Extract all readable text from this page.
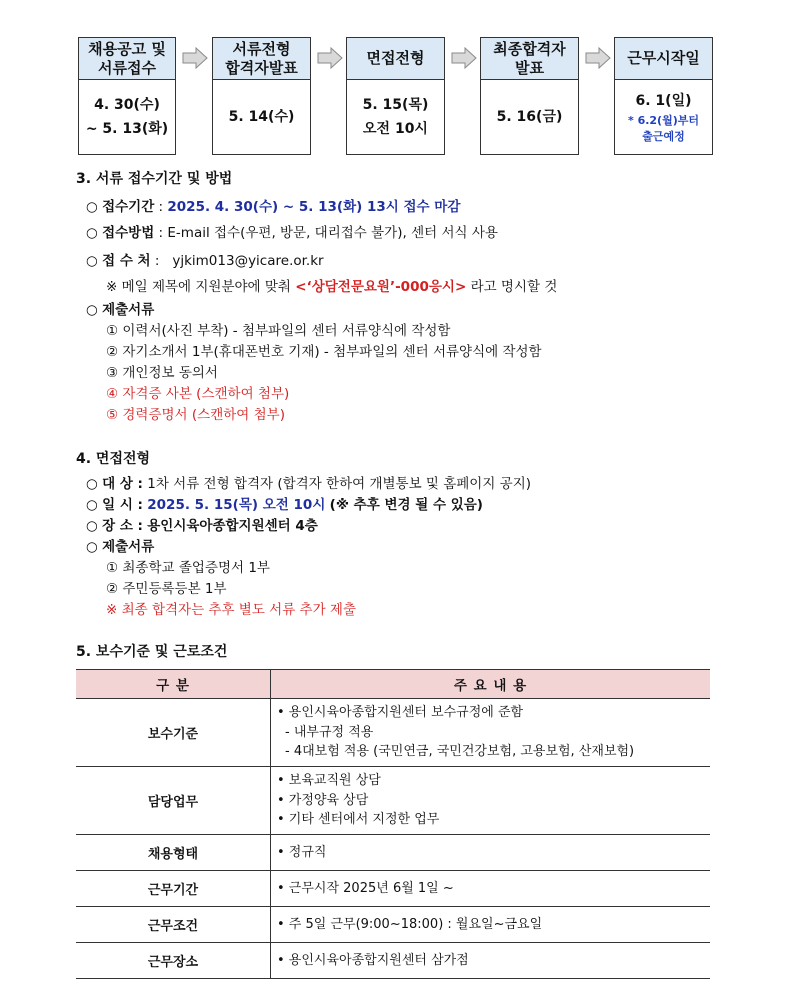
채용공고 및
서류접수
4. 30(수)
~ 5. 13(화)
서류전형
합격자발표
5. 14(수)
면접전형
5. 15(목)
오전 10시
최종합격자
발표
5. 16(금)
근무시작일
6. 1(일)
* 6.2(월)부터
출근예정
3. 서류 접수기간 및 방법
○ 접수기간 : 2025. 4. 30(수) ~ 5. 13(화) 13시 접수 마감
○ 접수방법 : E-mail 접수(우편, 방문, 대리접수 불가), 센터 서식 사용
○ 접 수 처 :   yjkim013@yicare.or.kr
※ 메일 제목에 지원분야에 맞춰 <‘상담전문요원’-000응시> 라고 명시할 것
○ 제출서류
① 이력서(사진 부착) - 첨부파일의 센터 서류양식에 작성함
② 자기소개서 1부(휴대폰번호 기재) - 첨부파일의 센터 서류양식에 작성함
③ 개인정보 동의서
④ 자격증 사본 (스캔하여 첨부)
⑤ 경력증명서 (스캔하여 첨부)
4. 면접전형
○ 대 상 : 1차 서류 전형 합격자 (합격자 한하여 개별통보 및 홈페이지 공지)
○ 일 시 : 2025. 5. 15(목) 오전 10시 (※ 추후 변경 될 수 있음)
○ 장 소 : 용인시육아종합지원센터 4층
○ 제출서류
① 최종학교 졸업증명서 1부
② 주민등록등본 1부
※ 최종 합격자는 추후 별도 서류 추가 제출
5. 보수기준 및 근로조건
구 분	주 요 내 용
보수기준	• 용인시육아종합지원센터 보수규정에 준함
- 내부규정 적용
- 4대보험 적용 (국민연금, 국민건강보험, 고용보험, 산재보험)

담당업무	• 보육교직원 상담
• 가정양육 상담
• 기타 센터에서 지정한 업무

채용형태	• 정규직

근무기간	• 근무시작 2025년 6월 1일 ~

근무조건	• 주 5일 근무(9:00~18:00) : 월요일~금요일

근무장소	• 용인시육아종합지원센터 삼가점
